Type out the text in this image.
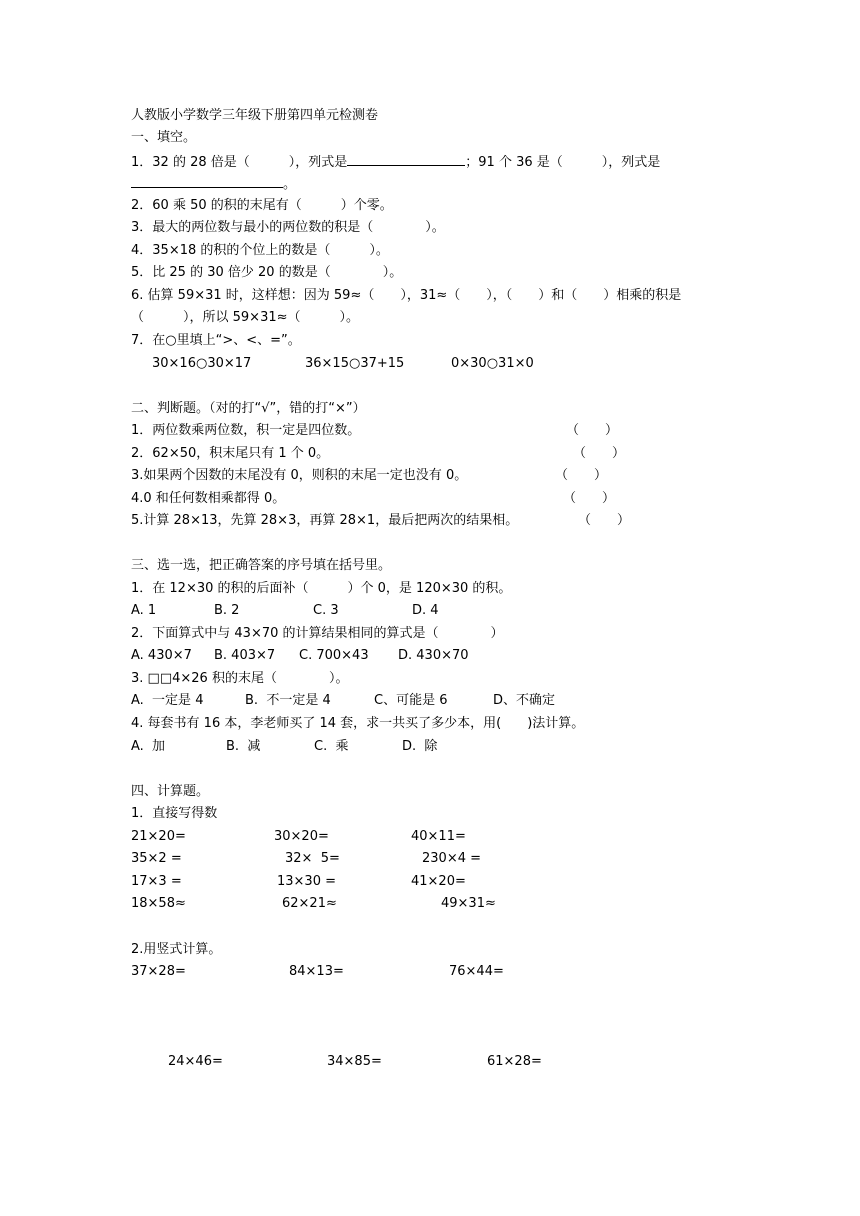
人教版小学数学三年级下册第四单元检测卷
一、填空。
1．32 的 28 倍是（　　　），列式是	；91 个 36 是（　　　），列式是
。
2．60 乘 50 的积的末尾有（　　　）个零。
3．最大的两位数与最小的两位数的积是（　　　　）。
4．35×18 的积的个位上的数是（　　　）。
5．比 25 的 30 倍少 20 的数是（　　　　）。
6. 估算 59×31 时，这样想：因为 59≈（　　），31≈（　　），（　　）和（　　）相乘的积是
（　　　），所以 59×31≈（　　　）。
7．在○里填上“>、<、=”。
30×16○30×17	36×15○37+15	0×30○31×0
二、判断题。（对的打“√”，错的打“×”）
1．两位数乘两位数，积一定是四位数。	（　　）
2．62×50，积末尾只有 1 个 0。	（　　）
3.如果两个因数的末尾没有 0，则积的末尾一定也没有 0。	（　　）
4.0 和任何数相乘都得 0。	（　　）
5.计算 28×13，先算 28×3，再算 28×1，最后把两次的结果相。	（　　）
三、选一选，把正确答案的序号填在括号里。
1．在 12×30 的积的后面补（　　　）个 0，是 120×30 的积。
A. 1	B. 2	C. 3	D. 4
2．下面算式中与 43×70 的计算结果相同的算式是（　　　　）
A. 430×7 B. 403×7 C. 700×43 D. 430×70
3. □□4×26 积的末尾（　　　　）。
A.  一定是 4	B.  不一定是 4	C、可能是 6	D、不确定
4. 每套书有 16 本，李老师买了 14 套，求一共买了多少本，用(　　)法计算。
A.  加	B.  减	C.  乘	D.  除
四、计算题。
1．直接写得数
21×20=	30×20=	40×11=
35×2 =	32×  5=	230×4 =
17×3 =	13×30 =	41×20=
18×58≈	62×21≈	49×31≈
2.用竖式计算。
37×28=	84×13=	76×44=
24×46=	34×85=	61×28=
